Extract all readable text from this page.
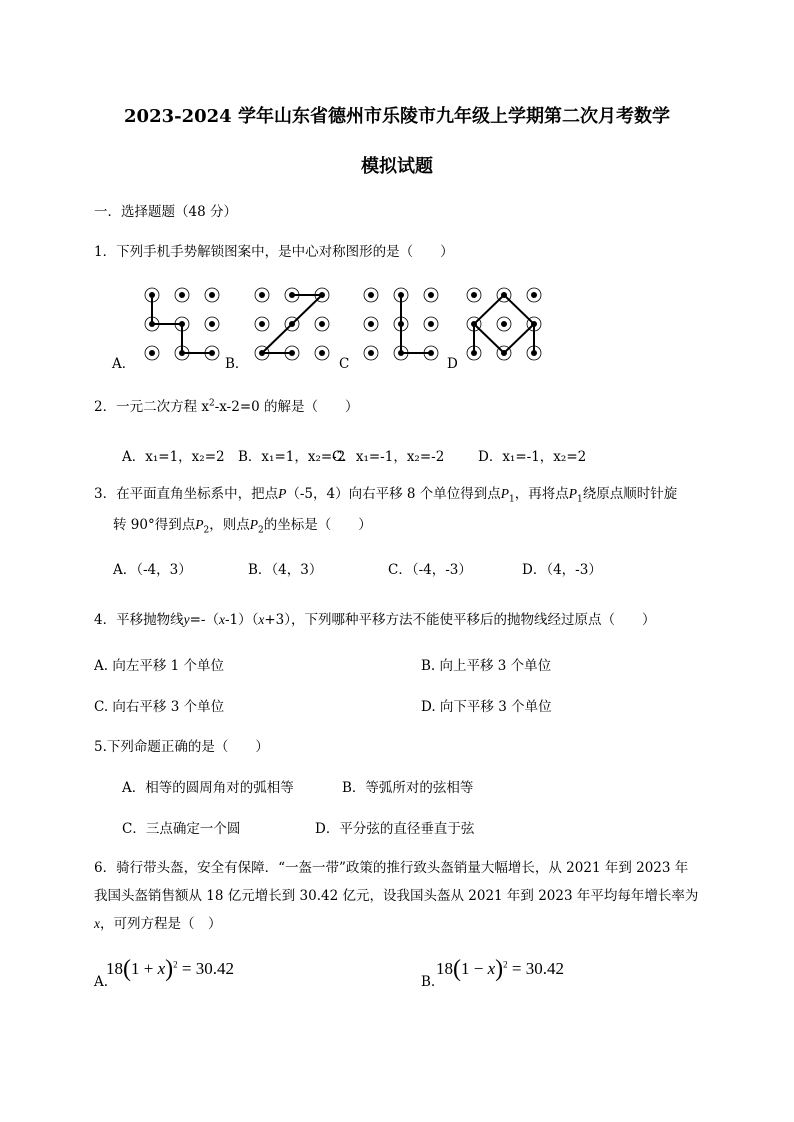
2023-2024 学年山东省德州市乐陵市九年级上学期第二次月考数学
模拟试题
一．选择题题（48 分）
1．下列手机手势解锁图案中，是中心对称图形的是（　　）
A．	B．	C	D
2．一元二次方程 $x^2-x-2=0$ 的解是（　　）
A．x₁=1，x₂=2 B．x₁=1，x₂=-2
C．x₁=-1，x₂=-2 D．x₁=-1，x₂=2
3．在平面直角坐标系中，把点P（-5，4）向右平移 8 个单位得到点$P_1$，再将点$P_1$绕原点顺时针旋
转 90°得到点$P_2$，则点$P_2$的坐标是（　　）
A．（-4，3）	B．（4，3）	C．（-4，-3）	D．（4，-3）
4．平移抛物线y=-（x-1）（x+3），下列哪种平移方法不能使平移后的抛物线经过原点（　　）
A. 向左平移 1 个单位	B. 向上平移 3 个单位
C. 向右平移 3 个单位	D. 向下平移 3 个单位
5.下列命题正确的是（　　）
A．相等的圆周角对的弧相等	B．等弧所对的弦相等
C．三点确定一个圆	D．平分弦的直径垂直于弦
6．骑行带头盔，安全有保障．“一盔一带”政策的推行致头盔销量大幅增长，从 2021 年到 2023 年
我国头盔销售额从 18 亿元增长到 30.42 亿元，设我国头盔从 2021 年到 2023 年平均每年增长率为
x，可列方程是（　）
A.
$18(1 + x)^2 = 30.42$
B.
$18(1 - x)^2 = 30.42$
